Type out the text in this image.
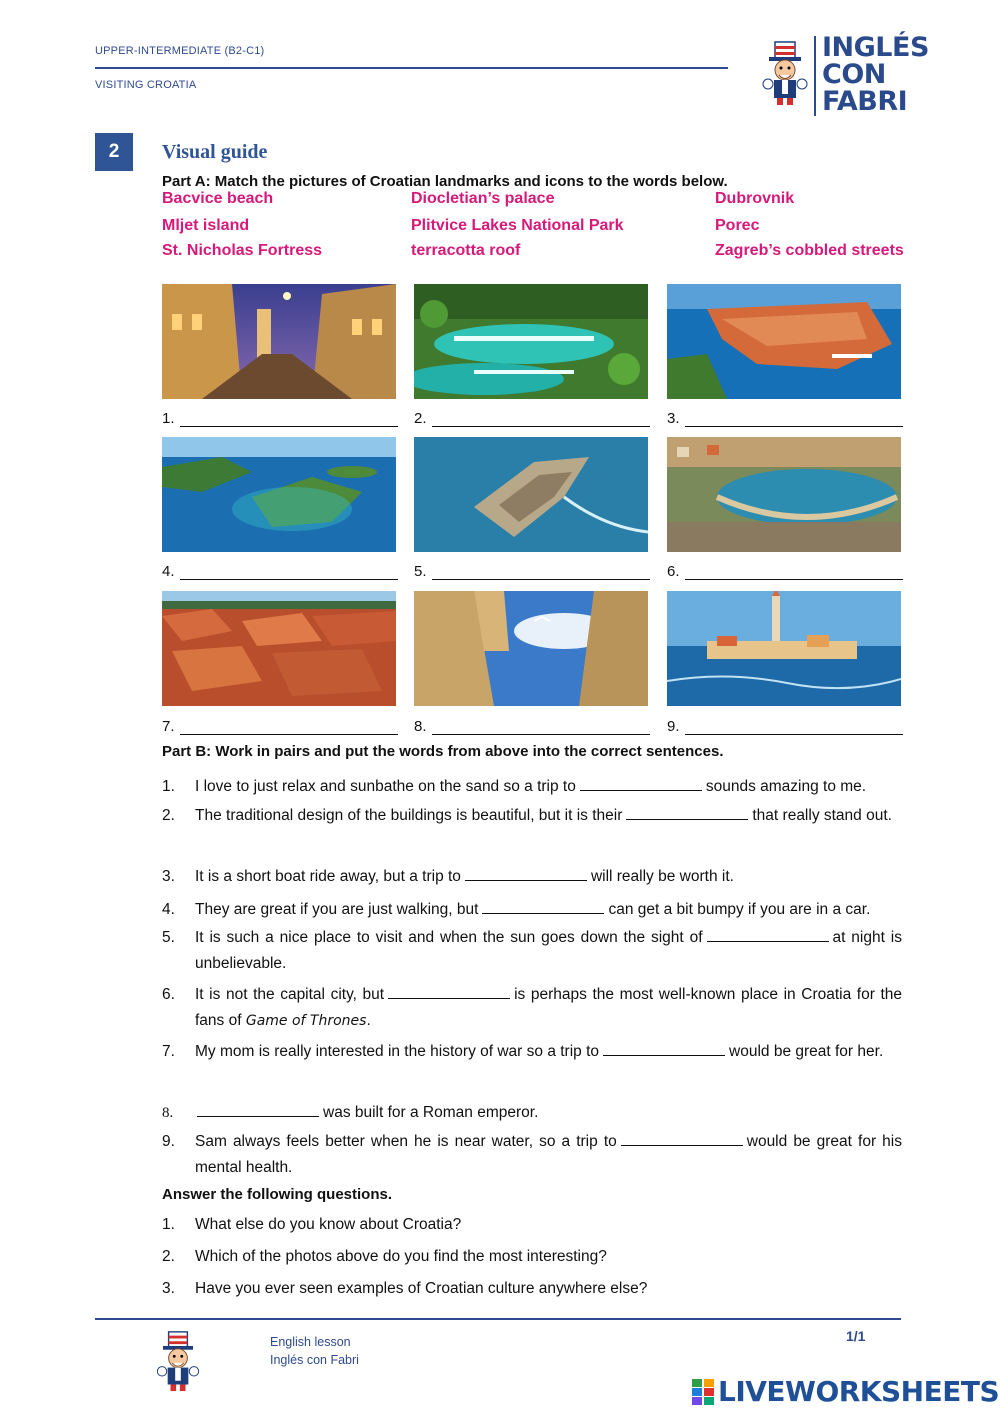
UPPER-INTERMEDIATE (B2-C1)
VISITING CROATIA
INGLÉS
CON
FABRI
2	Visual guide
Part A: Match the pictures of Croatian landmarks and icons to the words below.
Bacvice beach	Diocletian’s palace	Dubrovnik
Mljet island	Plitvice Lakes National Park	Porec
St. Nicholas Fortress	terracotta roof	Zagreb’s cobbled streets
1.	2.	3.
4.	5.	6.
7.	8.	9.
Part B: Work in pairs and put the words from above into the correct sentences.
1.	I love to just relax and sunbathe on the sand so a trip to	sounds amazing to me.
2.	The traditional design of the buildings is beautiful, but it is their	that really stand out.
3.	It is a short boat ride away, but a trip to	will really be worth it.
4.	They are great if you are just walking, but	can get a bit bumpy if you are in a car.
5.	It is such a nice place to visit and when the sun goes down the sight of	at night is unbelievable.
6.	It is not the capital city, but	is perhaps the most well-known place in Croatia for the fans of Game of Thrones.
7.	My mom is really interested in the history of war so a trip to	would be great for her.
8.	was built for a Roman emperor.
9.	Sam always feels better when he is near water, so a trip to	would be great for his mental health.
Answer the following questions.
1.	What else do you know about Croatia?
2.	Which of the photos above do you find the most interesting?
3.	Have you ever seen examples of Croatian culture anywhere else?
English lesson
Inglés con Fabri
1/1
LIVEWORKSHEETS
